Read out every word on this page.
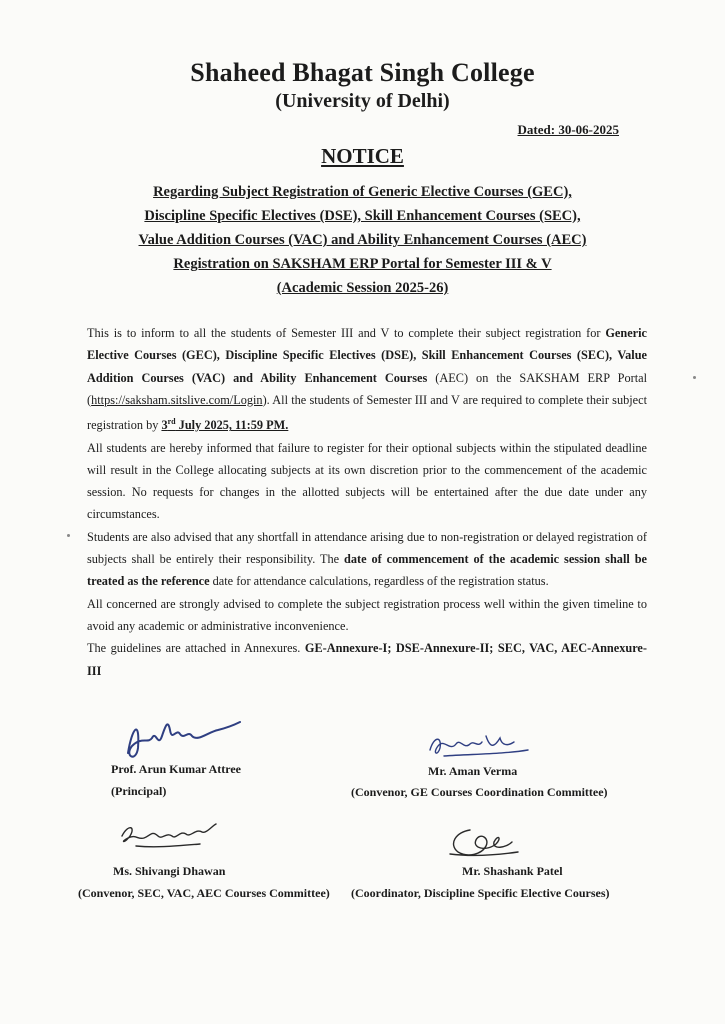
Shaheed Bhagat Singh College
(University of Delhi)
Dated: 30-06-2025
NOTICE
Regarding Subject Registration of Generic Elective Courses (GEC),
Discipline Specific Electives (DSE), Skill Enhancement Courses (SEC),
Value Addition Courses (VAC) and Ability Enhancement Courses (AEC)
Registration on SAKSHAM ERP Portal for Semester III & V
(Academic Session 2025-26)

This is to inform to all the students of Semester III and V to complete their subject registration for Generic Elective Courses (GEC), Discipline Specific Electives (DSE), Skill Enhancement Courses (SEC), Value Addition Courses (VAC) and Ability Enhancement Courses (AEC) on the SAKSHAM ERP Portal (https://saksham.sitslive.com/Login). All the students of Semester III and V are required to complete their subject registration by 3rd July 2025, 11:59 PM.

All students are hereby informed that failure to register for their optional subjects within the stipulated deadline will result in the College allocating subjects at its own discretion prior to the commencement of the academic session. No requests for changes in the allotted subjects will be entertained after the due date under any circumstances.

Students are also advised that any shortfall in attendance arising due to non-registration or delayed registration of subjects shall be entirely their responsibility. The date of commencement of the academic session shall be treated as the reference date for attendance calculations, regardless of the registration status.

All concerned are strongly advised to complete the subject registration process well within the given timeline to avoid any academic or administrative inconvenience.

The guidelines are attached in Annexures. GE-Annexure-I; DSE-Annexure-II; SEC, VAC, AEC-Annexure-III

Prof. Arun Kumar Attree
(Principal)
Mr. Aman Verma
(Convenor, GE Courses Coordination Committee)
Ms. Shivangi Dhawan
(Convenor, SEC, VAC, AEC Courses Committee)
Mr. Shashank Patel
(Coordinator, Discipline Specific Elective Courses)
